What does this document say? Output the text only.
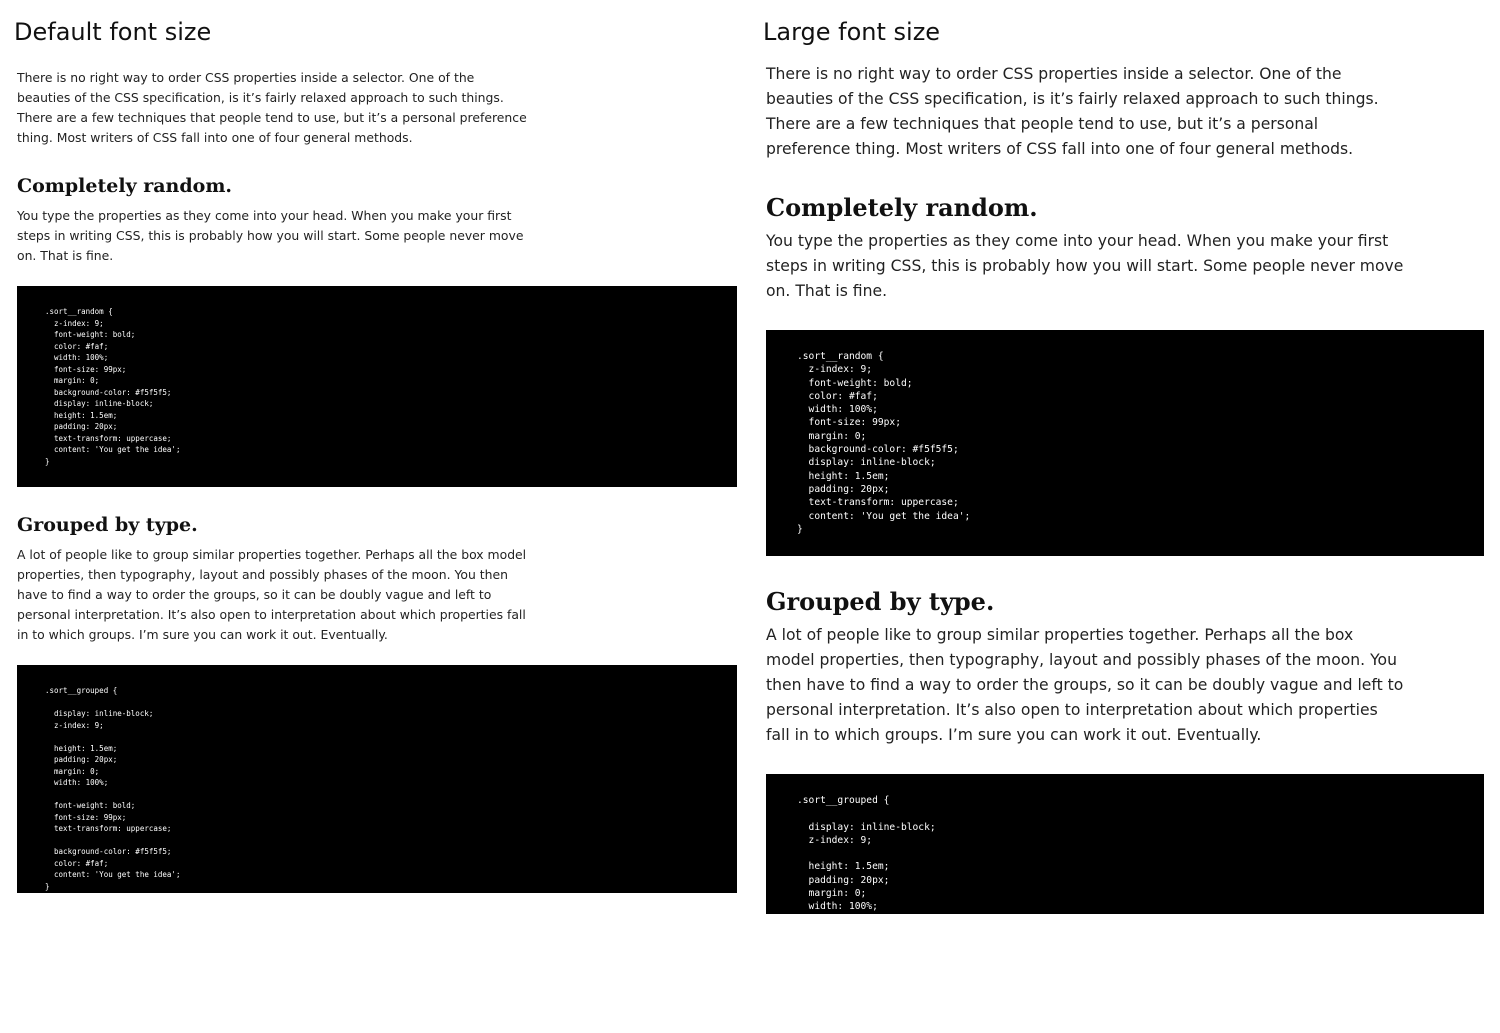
Default font size

There is no right way to order CSS properties inside a selector. One of the beauties of the CSS specification, is it’s fairly relaxed approach to such things. There are a few techniques that people tend to use, but it’s a personal preference thing. Most writers of CSS fall into one of four general methods.

Completely random.

You type the properties as they come into your head. When you make your first steps in writing CSS, this is probably how you will start. Some people never move on. That is fine.

.sort__random {
z-index: 9;
font-weight: bold;
color: #faf;
width: 100%;
font-size: 99px;
margin: 0;
background-color: #f5f5f5;
display: inline-block;
height: 1.5em;
padding: 20px;
text-transform: uppercase;
content: 'You get the idea';
}
Grouped by type.

A lot of people like to group similar properties together. Perhaps all the box model properties, then typography, layout and possibly phases of the moon. You then have to find a way to order the groups, so it can be doubly vague and left to personal interpretation. It’s also open to interpretation about which properties fall in to which groups. I’m sure you can work it out. Eventually.

.sort__grouped {

display: inline-block;
z-index: 9;

height: 1.5em;
padding: 20px;
margin: 0;
width: 100%;

font-weight: bold;
font-size: 99px;
text-transform: uppercase;

background-color: #f5f5f5;
color: #faf;
content: 'You get the idea';
}
Large font size

There is no right way to order CSS properties inside a selector. One of the beauties of the CSS specification, is it’s fairly relaxed approach to such things. There are a few techniques that people tend to use, but it’s a personal preference thing. Most writers of CSS fall into one of four general methods.

Completely random.

You type the properties as they come into your head. When you make your first steps in writing CSS, this is probably how you will start. Some people never move on. That is fine.

.sort__random {
z-index: 9;
font-weight: bold;
color: #faf;
width: 100%;
font-size: 99px;
margin: 0;
background-color: #f5f5f5;
display: inline-block;
height: 1.5em;
padding: 20px;
text-transform: uppercase;
content: 'You get the idea';
}
Grouped by type.

A lot of people like to group similar properties together. Perhaps all the box model properties, then typography, layout and possibly phases of the moon. You then have to find a way to order the groups, so it can be doubly vague and left to personal interpretation. It’s also open to interpretation about which properties fall in to which groups. I’m sure you can work it out. Eventually.

.sort__grouped {

display: inline-block;
z-index: 9;

height: 1.5em;
padding: 20px;
margin: 0;
width: 100%;

font-weight: bold;
font-size: 99px;
text-transform: uppercase;

background-color: #f5f5f5;
color: #faf;
content: 'You get the idea';
}
